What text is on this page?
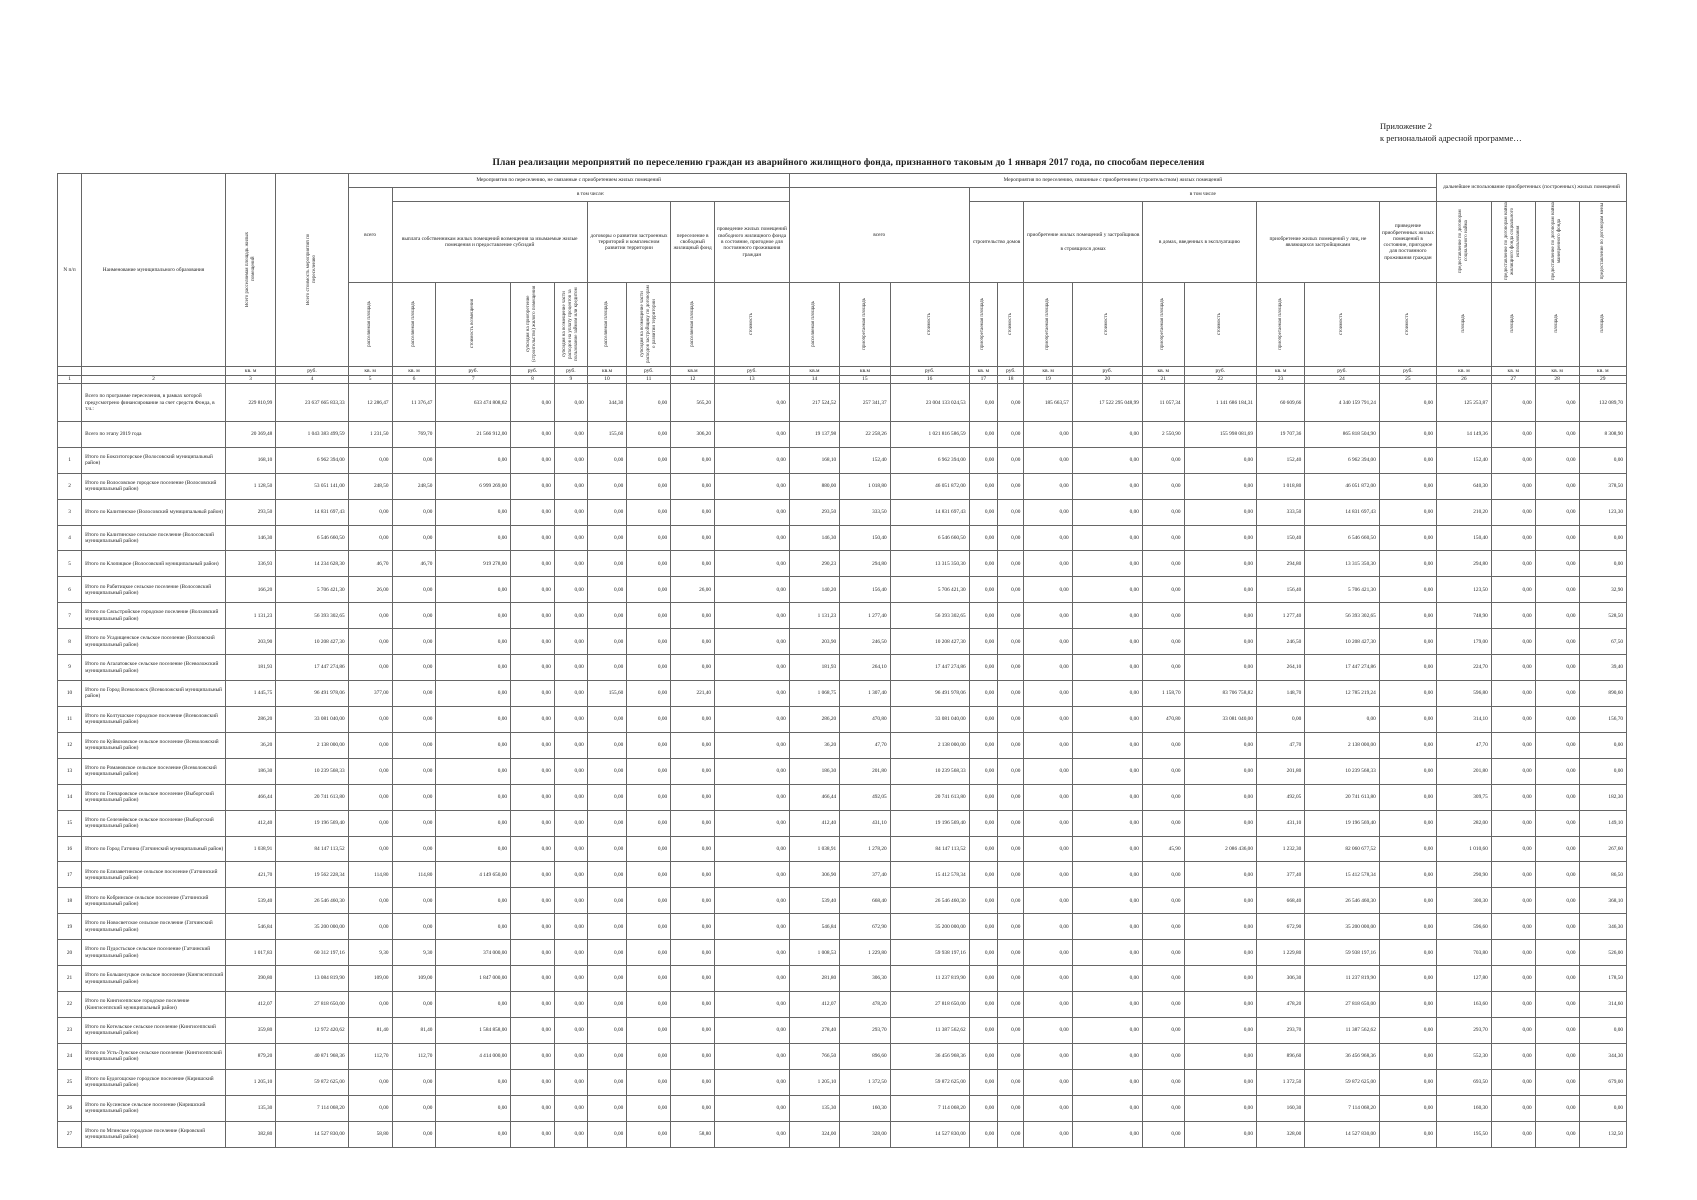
Приложение 2
к региональной адресной программе…
План реализации мероприятий по переселению граждан из аварийного жилищного фонда, признанного таковым до 1 января 2017 года, по способам переселения
N п/п	Наименование муниципального образования	Всего расселяемая площадь жилых помещений	Всего стоимость мероприятий по переселению	Мероприятия по переселению, не связанные с приобретением жилых помещений									Мероприятия по переселению, связанные с приобретением (строительством) жилых помещений												дальнейшее использование приобретенных (построенных) жилых помещений			
				всего	в том числе:								всего			в том числе												
					выплата собственникам жилых помещений возмещения за изымаемые жилые помещения и предоставление субсидий				договоры о развитии застроенных территорий и комплексном развитии территории		переселение в свободный жилищный фонд	проведение жилых помещений свободного жилищного фонда в состояние, пригодное для постоянного проживания граждан				строительство домов		приобретение жилых помещений у застройщиков
в строящихся домах		в домах, введенных в эксплуатацию		приобретение жилых помещений у лиц, не являющихся застройщиками		приведение приобретенных жилых помещений в состояние, пригодное для постоянного проживания граждан	предоставление по договорам социального найма	предоставление по договорам найма жилищного фонда социального использования	предоставление по договорам найма маневренного фонда	предоставление по договорам мены
				расселяемая площадь	расселяемая площадь	стоимость возмещения	субсидия на приобретение (строительство) жилого помещения	субсидия на возмещение части расходов на уплату процентов за пользование займом или кредитом	расселяемая площадь	субсидия на возмещение части расходов застройщику по договорам о развитии территории	расселяемая площадь	стоимость	расселяемая площадь	приобретаемая площадь	стоимость	приобретаемая площадь	стоимость	приобретаемая площадь	стоимость	приобретаемая площадь	стоимость	приобретаемая площадь	стоимость	стоимость	площадь	площадь	площадь	площадь
		кв. м	руб.	кв. м	кв. м	руб.	руб.	руб.	кв.м	руб.	кв.м	руб.	кв.м	кв.м	руб.	кв. м	руб.	кв. м	руб.	кв. м	руб.	кв. м	руб.	руб.	кв. м	кв. м	кв. м	кв. м
1	2	3	4	5	6	7	8	9	10	11	12	13	14	15	16	17	18	19	20	21	22	23	24	25	26	27	28	29
	Всего по программе переселения, в рамках которой предусмотрено финансирование за счет средств Фонда, в т.ч.:	229 810,99	23 637 665 833,33	12 286,47	11 376,47	633 474 808,62	0,00	0,00	344,30	0,00	565,20	0,00	217 524,52	257 341,37	23 004 133 024,53	0,00	0,00	185 663,57	17 522 295 048,99	11 057,34	1 141 686 184,31	60 609,66	4 340 159 791,24	0,00	125 253,87	0,00	0,00	132 089,70
	Всего по этапу 2019 года	20 369,48	1 043 383 499,59	1 231,50	769,70	21 566 912,00	0,00	0,00	155,60	0,00	306,20	0,00	19 137,98	22 258,26	1 021 816 586,59	0,00	0,00	0,00	0,00	2 550,90	155 998 081,69	19 707,36	865 818 504,90	0,00	14 149,36	0,00	0,00	8 308,90
1	Итого по Бокситогорское (Волосовский муниципальный район)	168,10	6 962 394,00	0,00	0,00	0,00	0,00	0,00	0,00	0,00	0,00	0,00	168,10	152,40	6 962 394,00	0,00	0,00	0,00	0,00	0,00	0,00	152,40	6 962 394,00	0,00	152,40	0,00	0,00	0,00
2	Итого по Волосовское городское поселение (Волосовский муниципальный район)	1 128,50	53 051 141,00	248,50	248,50	6 999 269,00	0,00	0,00	0,00	0,00	0,00	0,00	880,00	1 018,80	46 051 872,00	0,00	0,00	0,00	0,00	0,00	0,00	1 018,80	46 051 872,00	0,00	640,30	0,00	0,00	378,50
3	Итого по Калитинское (Волосовский муниципальный район)	293,50	14 831 697,43	0,00	0,00	0,00	0,00	0,00	0,00	0,00	0,00	0,00	293,50	333,50	14 831 697,43	0,00	0,00	0,00	0,00	0,00	0,00	333,50	14 831 697,43	0,00	210,20	0,00	0,00	123,30
4	Итого по Калитинское сельское поселение (Волосовский муниципальный район)	146,30	6 546 660,50	0,00	0,00	0,00	0,00	0,00	0,00	0,00	0,00	0,00	146,30	150,40	6 546 660,50	0,00	0,00	0,00	0,00	0,00	0,00	150,40	6 546 660,50	0,00	150,40	0,00	0,00	0,00
5	Итого по Клопицкое (Волосовский муниципальный район)	336,93	14 234 628,30	46,70	46,70	919 278,00	0,00	0,00	0,00	0,00	0,00	0,00	290,23	294,80	13 315 350,30	0,00	0,00	0,00	0,00	0,00	0,00	294,80	13 315 350,30	0,00	294,80	0,00	0,00	0,00
6	Итого по Рабитицкое сельское поселение (Волосовский муниципальный район)	166,20	5 706 421,30	26,00	0,00	0,00	0,00	0,00	0,00	0,00	26,00	0,00	140,20	156,40	5 706 421,30	0,00	0,00	0,00	0,00	0,00	0,00	156,40	5 706 421,30	0,00	123,50	0,00	0,00	32,90
7	Итого по Сясьстройское городское поселение (Волховский муниципальный район)	1 131,23	56 393 302,65	0,00	0,00	0,00	0,00	0,00	0,00	0,00	0,00	0,00	1 131,23	1 277,40	56 393 302,65	0,00	0,00	0,00	0,00	0,00	0,00	1 277,40	56 393 302,65	0,00	748,90	0,00	0,00	528,50
8	Итого по Усадищенское сельское поселение (Волховский муниципальный район)	203,90	10 208 427,30	0,00	0,00	0,00	0,00	0,00	0,00	0,00	0,00	0,00	203,90	246,50	10 208 427,30	0,00	0,00	0,00	0,00	0,00	0,00	246,50	10 208 427,30	0,00	179,00	0,00	0,00	67,50
9	Итого по Агалатовское сельское поселение (Всеволожский муниципальный район)	181,93	17 447 274,86	0,00	0,00	0,00	0,00	0,00	0,00	0,00	0,00	0,00	181,93	264,10	17 447 274,86	0,00	0,00	0,00	0,00	0,00	0,00	264,10	17 447 274,86	0,00	224,70	0,00	0,00	39,40
10	Итого по Город Всеволожск (Всеволожский муниципальный район)	1 445,75	96 491 978,06	377,00	0,00	0,00	0,00	0,00	155,60	0,00	221,40	0,00	1 068,75	1 307,40	96 491 978,06	0,00	0,00	0,00	0,00	1 158,70	83 706 758,82	148,70	12 785 219,24	0,00	596,80	0,00	0,00	890,60
11	Итого по Колтушское городское поселение (Всеволожский муниципальный район)	286,20	33 081 040,00	0,00	0,00	0,00	0,00	0,00	0,00	0,00	0,00	0,00	286,20	470,80	33 081 040,00	0,00	0,00	0,00	0,00	470,80	33 081 040,00	0,00	0,00	0,00	314,10	0,00	0,00	156,70
12	Итого по Куйвозовское сельское поселение (Всеволожский муниципальный район)	36,20	2 138 000,00	0,00	0,00	0,00	0,00	0,00	0,00	0,00	0,00	0,00	36,20	47,70	2 138 000,00	0,00	0,00	0,00	0,00	0,00	0,00	47,70	2 138 000,00	0,00	47,70	0,00	0,00	0,00
13	Итого по Романовское сельское поселение (Всеволожский муниципальный район)	186,30	10 239 568,33	0,00	0,00	0,00	0,00	0,00	0,00	0,00	0,00	0,00	186,30	201,80	10 239 568,33	0,00	0,00	0,00	0,00	0,00	0,00	201,80	10 239 568,33	0,00	201,80	0,00	0,00	0,00
14	Итого по Гончаровское сельское поселение (Выборгский муниципальный район)	466,44	20 741 613,80	0,00	0,00	0,00	0,00	0,00	0,00	0,00	0,00	0,00	466,44	492,05	20 741 613,80	0,00	0,00	0,00	0,00	0,00	0,00	492,05	20 741 613,80	0,00	309,75	0,00	0,00	182,30
15	Итого по Селезнёвское сельское поселение (Выборгский муниципальный район)	412,40	19 196 569,40	0,00	0,00	0,00	0,00	0,00	0,00	0,00	0,00	0,00	412,40	431,10	19 196 569,40	0,00	0,00	0,00	0,00	0,00	0,00	431,10	19 196 569,40	0,00	282,00	0,00	0,00	149,10
16	Итого по Город Гатчина (Гатчинский муниципальный район)	1 038,91	84 147 113,52	0,00	0,00	0,00	0,00	0,00	0,00	0,00	0,00	0,00	1 038,91	1 278,20	84 147 113,52	0,00	0,00	0,00	0,00	45,90	2 086 436,00	1 232,30	82 060 677,52	0,00	1 010,60	0,00	0,00	267,60
17	Итого по Елизаветинское сельское поселение (Гатчинский муниципальный район)	421,70	19 562 228,34	114,80	114,80	4 149 650,00	0,00	0,00	0,00	0,00	0,00	0,00	306,90	377,40	15 412 578,34	0,00	0,00	0,00	0,00	0,00	0,00	377,40	15 412 578,34	0,00	290,90	0,00	0,00	86,50
18	Итого по Кобринское сельское поселение (Гатчинский муниципальный район)	539,40	26 546 460,30	0,00	0,00	0,00	0,00	0,00	0,00	0,00	0,00	0,00	539,40	668,40	26 546 460,30	0,00	0,00	0,00	0,00	0,00	0,00	668,40	26 546 460,30	0,00	300,30	0,00	0,00	368,10
19	Итого по Новосветское сельское поселение (Гатчинский муниципальный район)	546,84	35 200 000,00	0,00	0,00	0,00	0,00	0,00	0,00	0,00	0,00	0,00	546,84	672,90	35 200 000,00	0,00	0,00	0,00	0,00	0,00	0,00	672,90	35 200 000,00	0,00	596,60	0,00	0,00	346,30
20	Итого по Пудостьское сельское поселение (Гатчинский муниципальный район)	1 017,83	60 312 197,16	9,30	9,30	374 000,00	0,00	0,00	0,00	0,00	0,00	0,00	1 008,53	1 229,80	59 938 197,16	0,00	0,00	0,00	0,00	0,00	0,00	1 229,80	59 938 197,16	0,00	703,80	0,00	0,00	526,00
21	Итого по Большелуцкое сельское поселение (Кингисеппский муниципальный район)	390,80	13 084 819,90	109,00	109,00	1 847 000,00	0,00	0,00	0,00	0,00	0,00	0,00	281,80	306,30	11 237 819,90	0,00	0,00	0,00	0,00	0,00	0,00	306,30	11 237 819,90	0,00	127,80	0,00	0,00	178,50
22	Итого по Кингисеппское городское поселение (Кингисеппский муниципальный район)	412,07	27 818 650,00	0,00	0,00	0,00	0,00	0,00	0,00	0,00	0,00	0,00	412,07	478,20	27 818 650,00	0,00	0,00	0,00	0,00	0,00	0,00	478,20	27 818 650,00	0,00	163,60	0,00	0,00	314,60
23	Итого по Котельское сельское поселение (Кингисеппский муниципальный район)	359,80	12 972 420,62	81,40	81,40	1 584 858,00	0,00	0,00	0,00	0,00	0,00	0,00	278,40	293,70	11 387 562,62	0,00	0,00	0,00	0,00	0,00	0,00	293,70	11 387 562,62	0,00	293,70	0,00	0,00	0,00
24	Итого по Усть-Лужское сельское поселение (Кингисеппский муниципальный район)	879,20	40 871 968,36	112,70	112,70	4 414 000,00	0,00	0,00	0,00	0,00	0,00	0,00	766,50	896,60	36 456 968,36	0,00	0,00	0,00	0,00	0,00	0,00	896,60	36 456 968,36	0,00	552,30	0,00	0,00	344,30
25	Итого по Будогощское городское поселение (Киришский муниципальный район)	1 205,10	59 872 625,00	0,00	0,00	0,00	0,00	0,00	0,00	0,00	0,00	0,00	1 205,10	1 372,50	59 872 625,00	0,00	0,00	0,00	0,00	0,00	0,00	1 372,50	59 872 625,00	0,00	693,50	0,00	0,00	679,00
26	Итого по Кусинское сельское поселение (Киришский муниципальный район)	135,30	7 114 068,20	0,00	0,00	0,00	0,00	0,00	0,00	0,00	0,00	0,00	135,30	160,30	7 114 068,20	0,00	0,00	0,00	0,00	0,00	0,00	160,30	7 114 068,20	0,00	160,30	0,00	0,00	0,00
27	Итого по Мгинское городское поселение (Кировский муниципальный район)	382,80	14 527 830,00	58,80	0,00	0,00	0,00	0,00	0,00	0,00	58,80	0,00	324,00	328,00	14 527 830,00	0,00	0,00	0,00	0,00	0,00	0,00	328,00	14 527 830,00	0,00	195,50	0,00	0,00	132,50
